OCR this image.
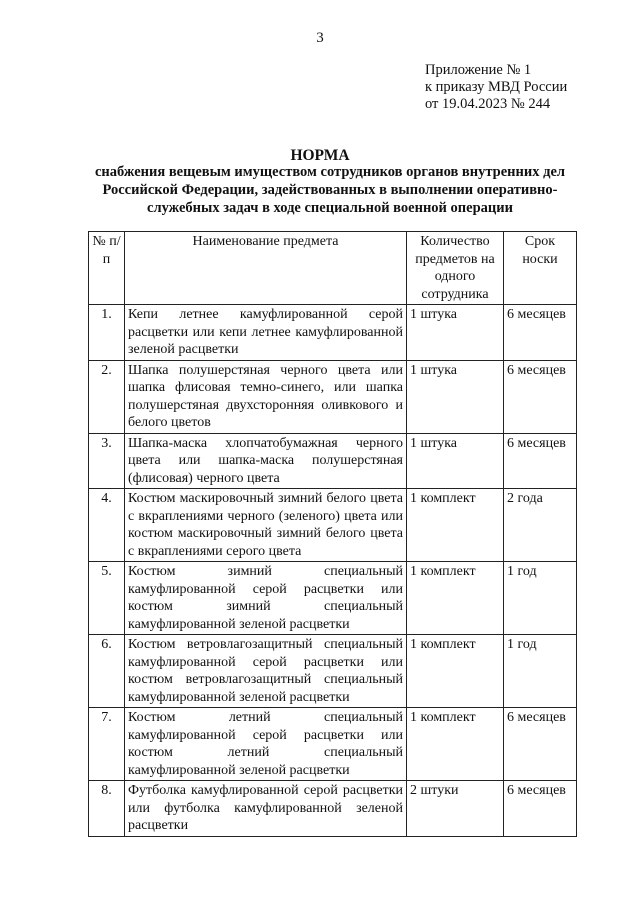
3
Приложение № 1
к приказу МВД России
от 19.04.2023 № 244
НОРМА
снабжения вещевым имуществом сотрудников органов внутренних дел Российской Федерации, задействованных в выполнении оперативно-служебных задач в ходе специальной военной операции
№ п/п	Наименование предмета	Количество предметов на одного сотрудника	Срок носки
1.	Кепи летнее камуфлированной серой расцветки или кепи летнее камуфлированной зеленой расцветки	1 штука	6 месяцев
2.	Шапка полушерстяная черного цвета или шапка флисовая темно-синего, или шапка полушерстяная двухсторонняя оливкового и белого цветов	1 штука	6 месяцев
3.	Шапка-маска хлопчатобумажная черного цвета или шапка-маска полушерстяная (флисовая) черного цвета	1 штука	6 месяцев
4.	Костюм маскировочный зимний белого цвета с вкраплениями черного (зеленого) цвета или костюм маскировочный зимний белого цвета с вкраплениями серого цвета	1 комплект	2 года
5.	Костюм зимний специальный камуфлированной серой расцветки или костюм зимний специальный камуфлированной зеленой расцветки	1 комплект	1 год
6.	Костюм ветровлагозащитный специальный камуфлированной серой расцветки или костюм ветровлагозащитный специальный камуфлированной зеленой расцветки	1 комплект	1 год
7.	Костюм летний специальный камуфлированной серой расцветки или костюм летний специальный камуфлированной зеленой расцветки	1 комплект	6 месяцев
8.	Футболка камуфлированной серой расцветки или футболка камуфлированной зеленой расцветки	2 штуки	6 месяцев
